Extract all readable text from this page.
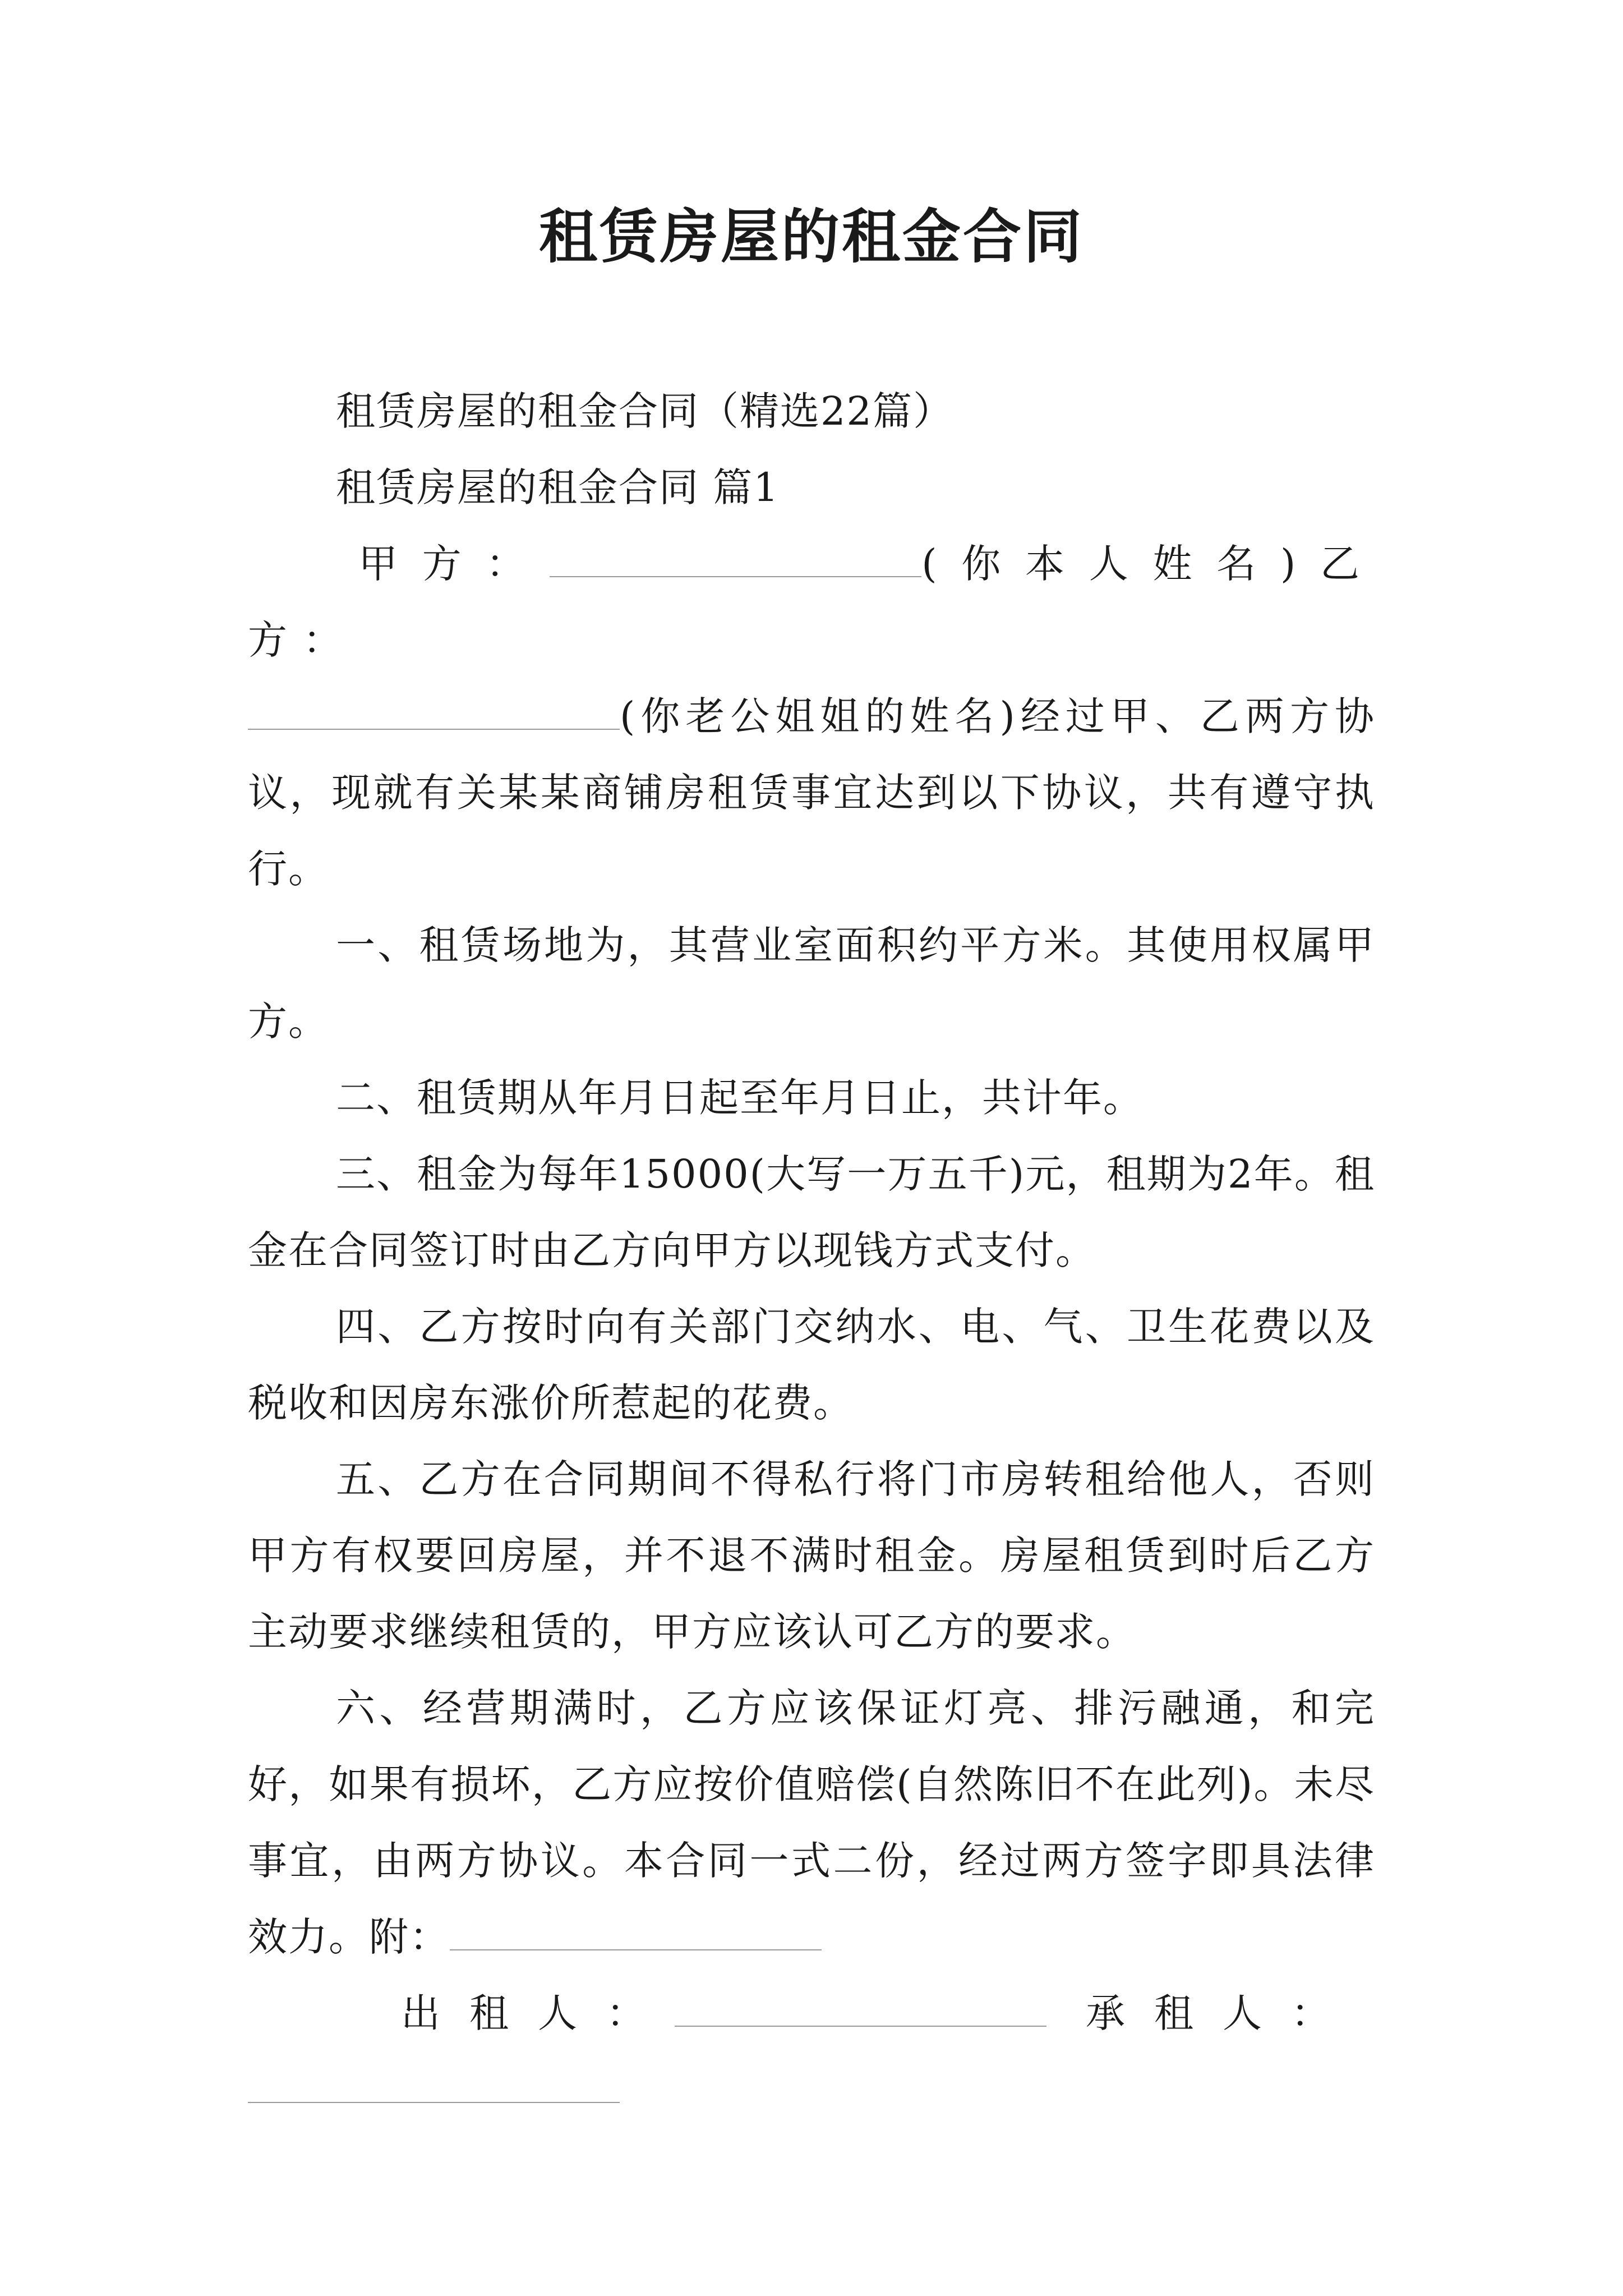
租赁房屋的租金合同

租赁房屋的租金合同（精选22篇）

租赁房屋的租金合同 篇1

甲方：	(你本人姓名)乙方：

(你老公姐姐的姓名)经过甲、乙两方协议，现就有关某某商铺房租赁事宜达到以下协议，共有遵守执行。

一、租赁场地为，其营业室面积约平方米。其使用权属甲方。

二、租赁期从年月日起至年月日止，共计年。

三、租金为每年15000(大写一万五千)元，租期为2年。租金在合同签订时由乙方向甲方以现钱方式支付。

四、乙方按时向有关部门交纳水、电、气、卫生花费以及税收和因房东涨价所惹起的花费。

五、乙方在合同期间不得私行将门市房转租给他人，否则甲方有权要回房屋，并不退不满时租金。房屋租赁到时后乙方主动要求继续租赁的，甲方应该认可乙方的要求。

六、经营期满时，乙方应该保证灯亮、排污融通，和完好，如果有损坏，乙方应按价值赔偿(自然陈旧不在此列)。未尽事宜，由两方协议。本合同一式二份，经过两方签字即具法律效力。附：

出租人：	承租人：
